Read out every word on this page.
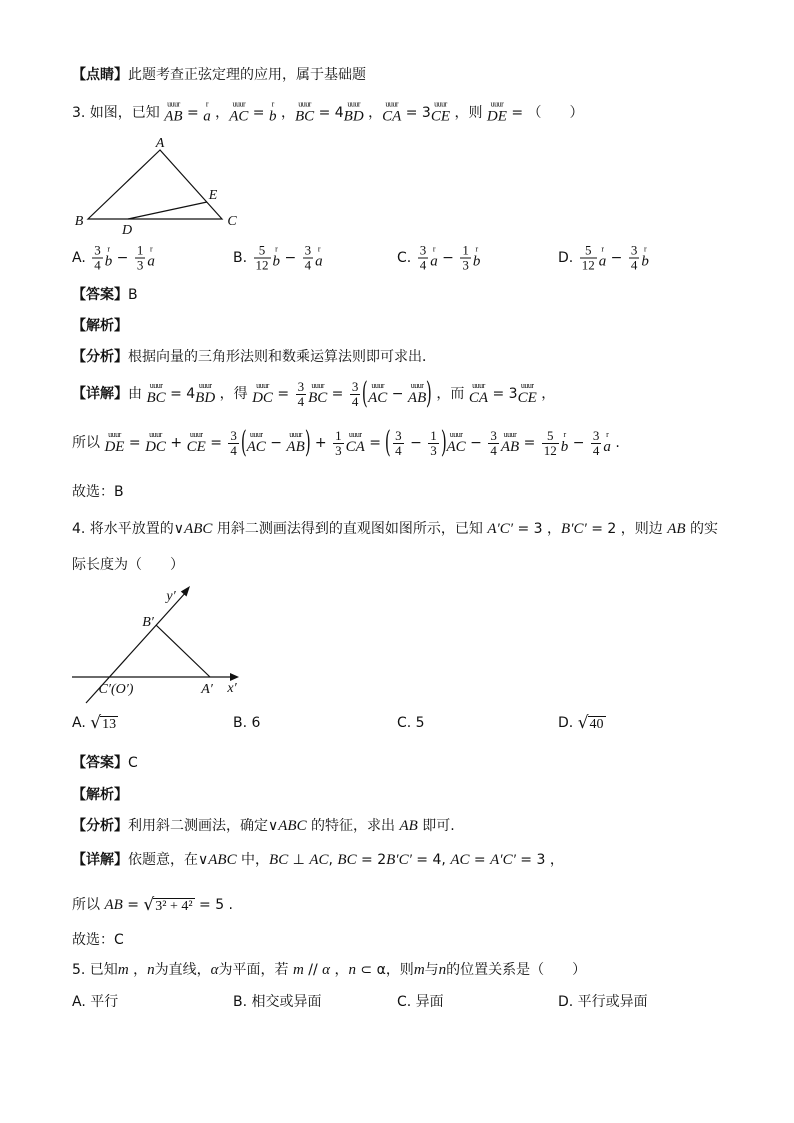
【点睛】此题考查正弦定理的应用，属于基础题
3. 如图，已知
uuur
AB =
r
a ，
uuur
AC =
r
b ，
uuur
BC = 4
uuur
BD ，
uuur
CA = 3
uuur
CE ，则
uuur
DE = （　　）
A
B	C
D
E
A. $\frac{3}{4}$ r
$b - \frac{1}{3}$ r
a	B. $\frac{5}{12}$ r
$b - \frac{3}{4}$ r
a	C. $\frac{3}{4}$ r
$a - \frac{1}{3}$ r
b	D. $\frac{5}{12}$ r
$a - \frac{3}{4}$ r
b
【答案】B
【解析】
【分析】根据向量的三角形法则和数乘运算法则即可求出．
【详解】由
uuur
BC = 4
uuur
BD ，得
uuur
DC = $\frac{3}{4}$ uuur
BC = $\frac{3}{4}$ ( uuur
AC −
uuur
AB) ，而
uuur
CA = 3
uuur
CE ，
所以
uuur
DE =
uuur
DC +
uuur
CE = $\frac{3}{4}$ ( uuur
AC −
uuur
$AB) + \frac{1}{3}$ uuur
CA = ( $\frac{3}{4} - \frac{1}{3}$ ) uuur
AC − $\frac{3}{4}$ uuur
AB = $\frac{5}{12}$ r
$b - \frac{3}{4}$ r
a .
故选：B
4. 将水平放置的∨ABC 用斜二测画法得到的直观图如图所示，已知 A′C′ = 3 ，B′C′ = 2 ，则边 AB 的实
际长度为（　　）
y′
B′
C′(O′)	A′ x′
A. √ 13	B. 6	C. 5	D. √ 40
【答案】C
【解析】
【分析】利用斜二测画法，确定∨ABC 的特征，求出 AB 即可.
【详解】依题意，在∨ABC 中，BC ⊥ AC, BC = 2B′C′ = 4, AC = A′C′ = 3 ，
所以 AB = √ 3² + 4² = 5 .
故选：C
5. 已知m ，n为直线，α为平面，若 m // α ，n ⊂ α，则m与n的位置关系是（　　）
A. 平行	B. 相交或异面	C. 异面	D. 平行或异面
